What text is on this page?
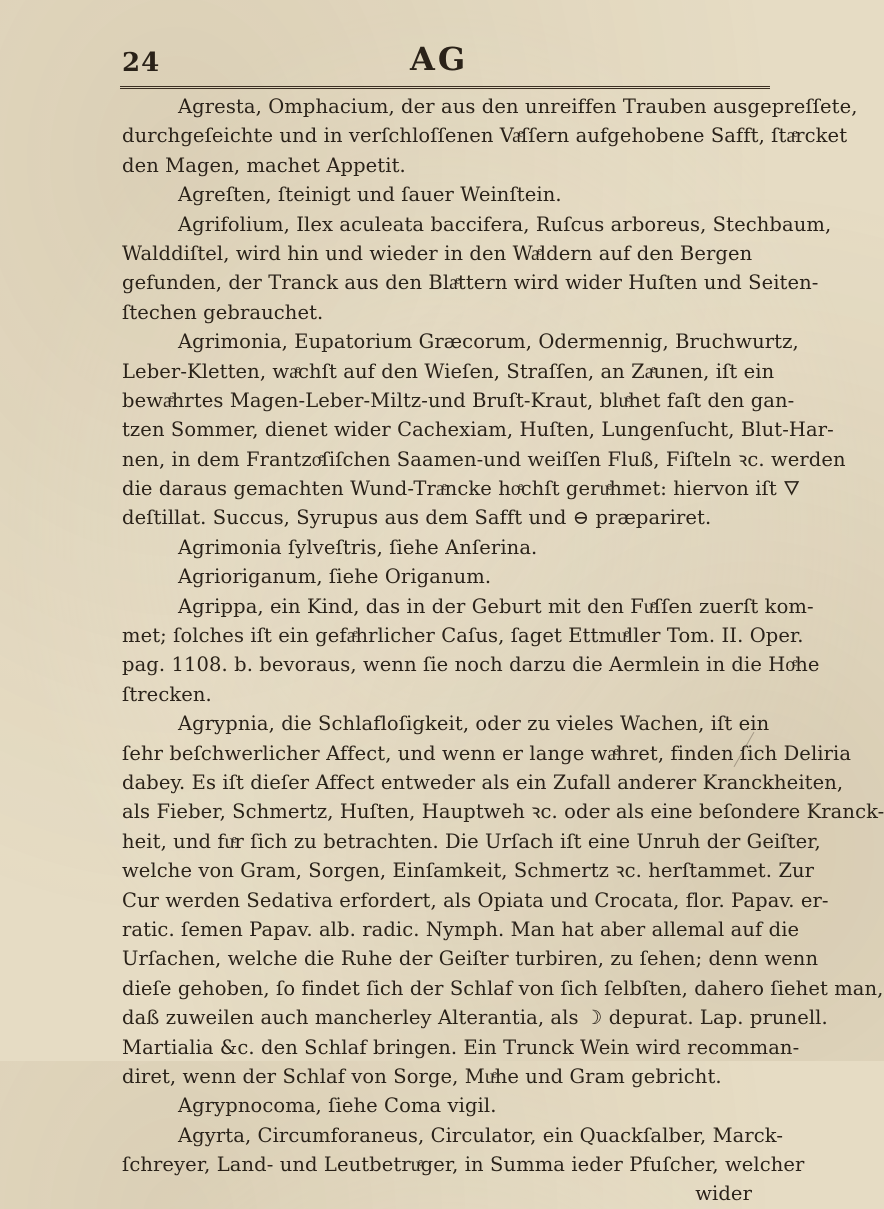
24	AG
Agresta, Omphacium, der aus den unreiffen Trauben ausgepreſſete,
durchgeſeichte und in verſchloſſenen Vaͤſſern aufgehobene Safft, ſtaͤrcket
den Magen, machet Appetit.
Agreſten, ſteinigt und ſauer Weinſtein.
Agrifolium, Ilex aculeata baccifera, Ruſcus arboreus, Stechbaum,
Walddiſtel, wird hin und wieder in den Waͤldern auf den Bergen
gefunden, der Tranck aus den Blaͤttern wird wider Huſten und Seiten-
ſtechen gebrauchet.
Agrimonia, Eupatorium Græcorum, Odermennig, Bruchwurtz,
Leber-Kletten, waͤchſt auf den Wieſen, Straſſen, an Zaͤunen, iſt ein
bewaͤhrtes Magen-Leber-Miltz-und Bruſt-Kraut, bluͤhet faſt den gan-
tzen Sommer, dienet wider Cachexiam, Huſten, Lungenſucht, Blut-Har-
nen, in dem Frantzoͤſiſchen Saamen-und weiſſen Fluß, Fiſteln ꝛc. werden
die daraus gemachten Wund-Traͤncke hoͤchſt geruͤhmet: hiervon iſt 🜄
deſtillat. Succus, Syrupus aus dem Safft und ⊖ præpariret.
Agrimonia ſylveſtris, ſiehe Anſerina.
Agrioriganum, ſiehe Origanum.
Agrippa, ein Kind, das in der Geburt mit den Fuͤſſen zuerſt kom-
met; ſolches iſt ein gefaͤhrlicher Caſus, ſaget Ettmuͤller Tom. II. Oper.
pag. 1108. b. bevoraus, wenn ſie noch darzu die Aermlein in die Hoͤhe
ſtrecken.
Agrypnia, die Schlafloſigkeit, oder zu vieles Wachen, iſt ein
ſehr beſchwerlicher Affect, und wenn er lange waͤhret, finden ſich Deliria
dabey. Es iſt dieſer Affect entweder als ein Zufall anderer Kranckheiten,
als Fieber, Schmertz, Huſten, Hauptweh ꝛc. oder als eine beſondere Kranck-
heit, und fuͤr ſich zu betrachten. Die Urſach iſt eine Unruh der Geiſter,
welche von Gram, Sorgen, Einſamkeit, Schmertz ꝛc. herſtammet. Zur
Cur werden Sedativa erfordert, als Opiata und Crocata, flor. Papav. er-
ratic. ſemen Papav. alb. radic. Nymph. Man hat aber allemal auf die
Urſachen, welche die Ruhe der Geiſter turbiren, zu ſehen; denn wenn
dieſe gehoben, ſo findet ſich der Schlaf von ſich ſelbſten, dahero ſiehet man,
daß zuweilen auch mancherley Alterantia, als ☽ depurat. Lap. prunell.
Martialia &c. den Schlaf bringen. Ein Trunck Wein wird recomman-
diret, wenn der Schlaf von Sorge, Muͤhe und Gram gebricht.
Agrypnocoma, ſiehe Coma vigil.
Agyrta, Circumforaneus, Circulator, ein Quackſalber, Marck-
ſchreyer, Land- und Leutbetruͤger, in Summa ieder Pfuſcher, welcher
wider
